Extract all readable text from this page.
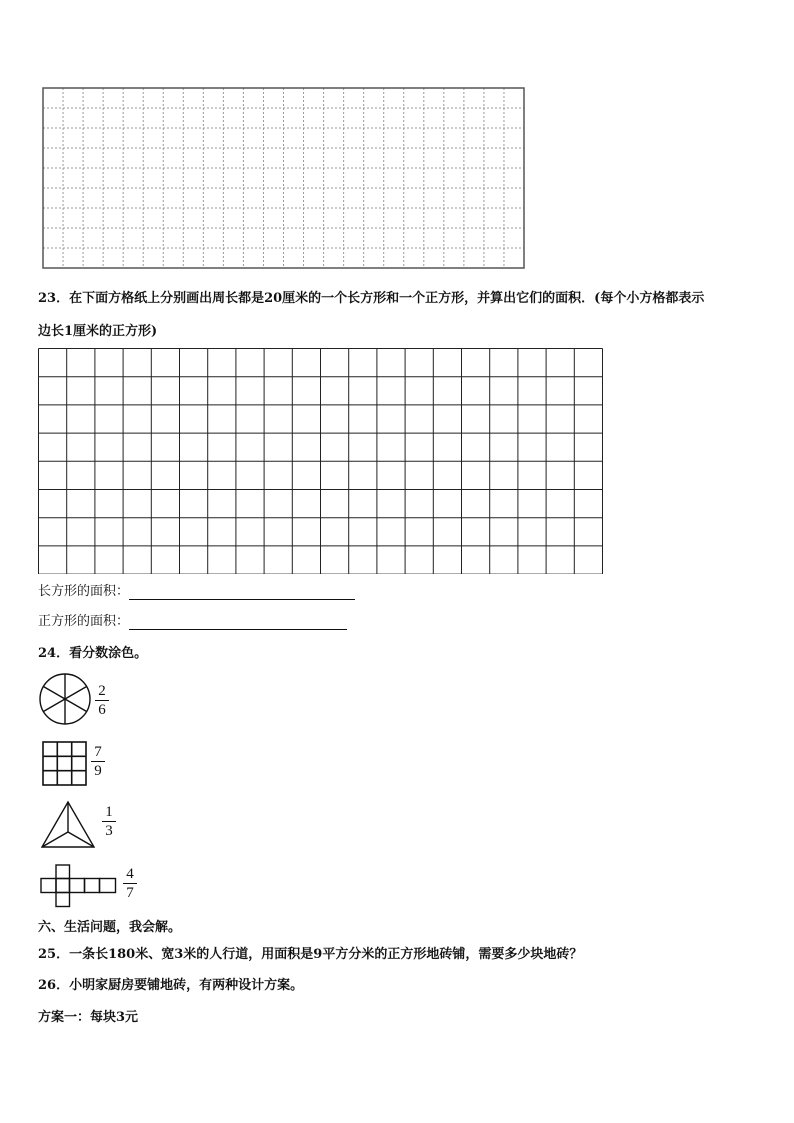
23．在下面方格纸上分别画出周长都是20厘米的一个长方形和一个正方形，并算出它们的面积．(每个小方格都表示
边长1厘米的正方形)
长方形的面积：
正方形的面积：
24．看分数涂色。
2
6
7
9
1
3
4
7
六、生活问题，我会解。
25．一条长180米、宽3米的人行道，用面积是9平方分米的正方形地砖铺，需要多少块地砖？
26．小明家厨房要铺地砖，有两种设计方案。
方案一：每块3元
